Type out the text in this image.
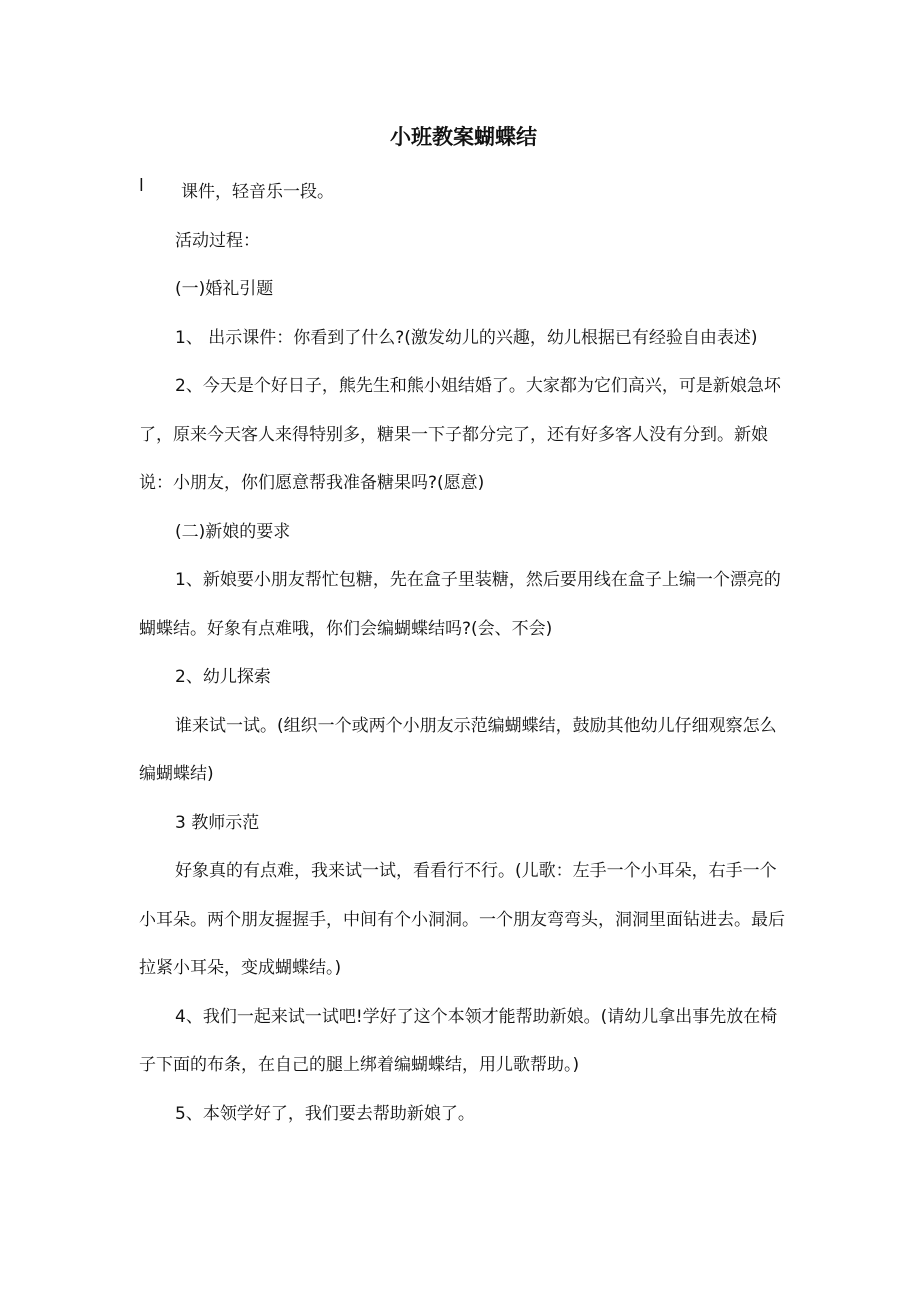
小班教案蝴蝶结
l	课件，轻音乐一段。

活动过程：

(一)婚礼引题

1、 出示课件：你看到了什么?(激发幼儿的兴趣，幼儿根据已有经验自由表述)

2、今天是个好日子，熊先生和熊小姐结婚了。大家都为它们高兴，可是新娘急坏了，原来今天客人来得特别多，糖果一下子都分完了，还有好多客人没有分到。新娘说：小朋友，你们愿意帮我准备糖果吗?(愿意)

(二)新娘的要求

1、新娘要小朋友帮忙包糖，先在盒子里装糖，然后要用线在盒子上编一个漂亮的蝴蝶结。好象有点难哦，你们会编蝴蝶结吗?(会、不会)

2、幼儿探索

谁来试一试。(组织一个或两个小朋友示范编蝴蝶结，鼓励其他幼儿仔细观察怎么编蝴蝶结)

3 教师示范

好象真的有点难，我来试一试，看看行不行。(儿歌：左手一个小耳朵，右手一个小耳朵。两个朋友握握手，中间有个小洞洞。一个朋友弯弯头，洞洞里面钻进去。最后拉紧小耳朵，变成蝴蝶结。)

4、我们一起来试一试吧!学好了这个本领才能帮助新娘。(请幼儿拿出事先放在椅子下面的布条，在自己的腿上绑着编蝴蝶结，用儿歌帮助。)

5、本领学好了，我们要去帮助新娘了。
